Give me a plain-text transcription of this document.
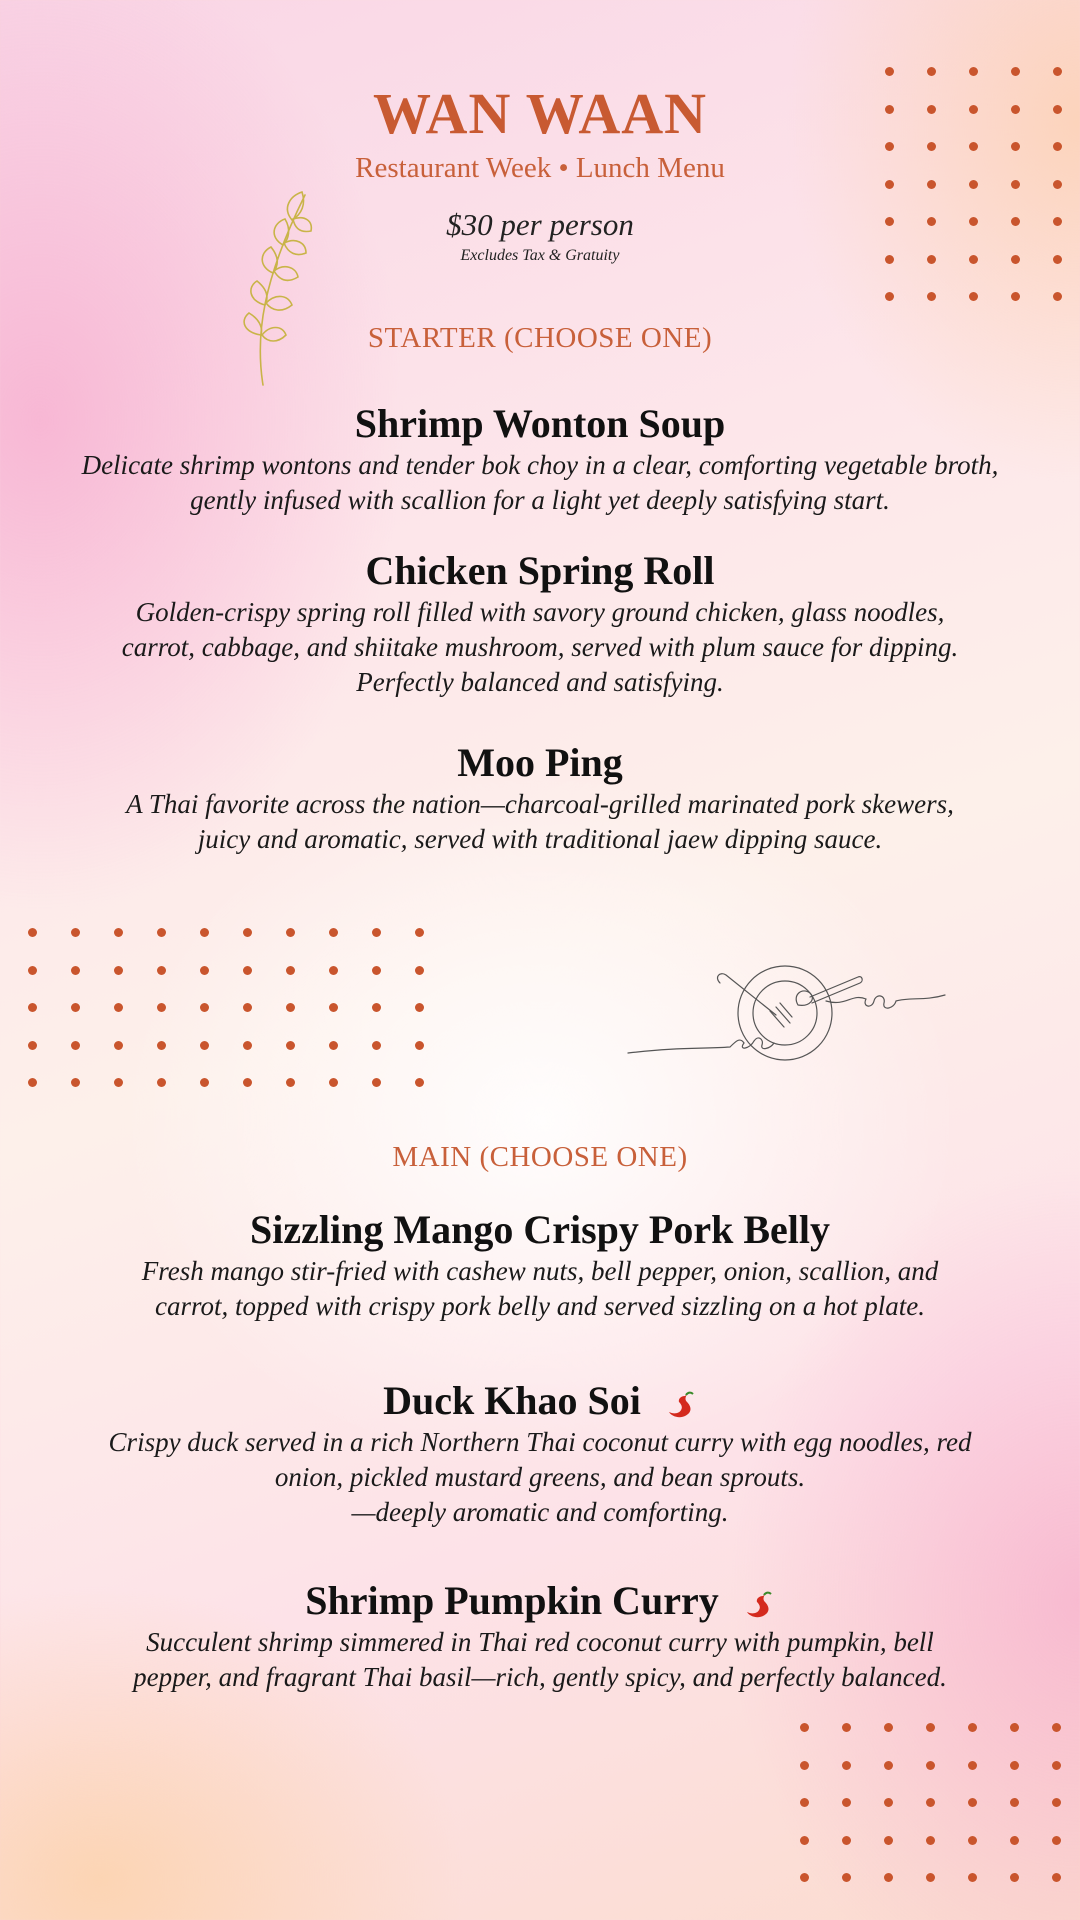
WAN WAAN
Restaurant Week • Lunch Menu
$30 per person
Excludes Tax & Gratuity
STARTER (CHOOSE ONE)
Shrimp Wonton Soup
Delicate shrimp wontons and tender bok choy in a clear, comforting vegetable broth,
gently infused with scallion for a light yet deeply satisfying start.
Chicken Spring Roll
Golden-crispy spring roll filled with savory ground chicken, glass noodles,
carrot, cabbage, and shiitake mushroom, served with plum sauce for dipping.
Perfectly balanced and satisfying.
Moo Ping
A Thai favorite across the nation—charcoal-grilled marinated pork skewers,
juicy and aromatic, served with traditional jaew dipping sauce.
MAIN (CHOOSE ONE)
Sizzling Mango Crispy Pork Belly
Fresh mango stir-fried with cashew nuts, bell pepper, onion, scallion, and
carrot, topped with crispy pork belly and served sizzling on a hot plate.
Duck Khao Soi
Crispy duck served in a rich Northern Thai coconut curry with egg noodles, red
onion, pickled mustard greens, and bean sprouts.
—deeply aromatic and comforting.
Shrimp Pumpkin Curry
Succulent shrimp simmered in Thai red coconut curry with pumpkin, bell
pepper, and fragrant Thai basil—rich, gently spicy, and perfectly balanced.
